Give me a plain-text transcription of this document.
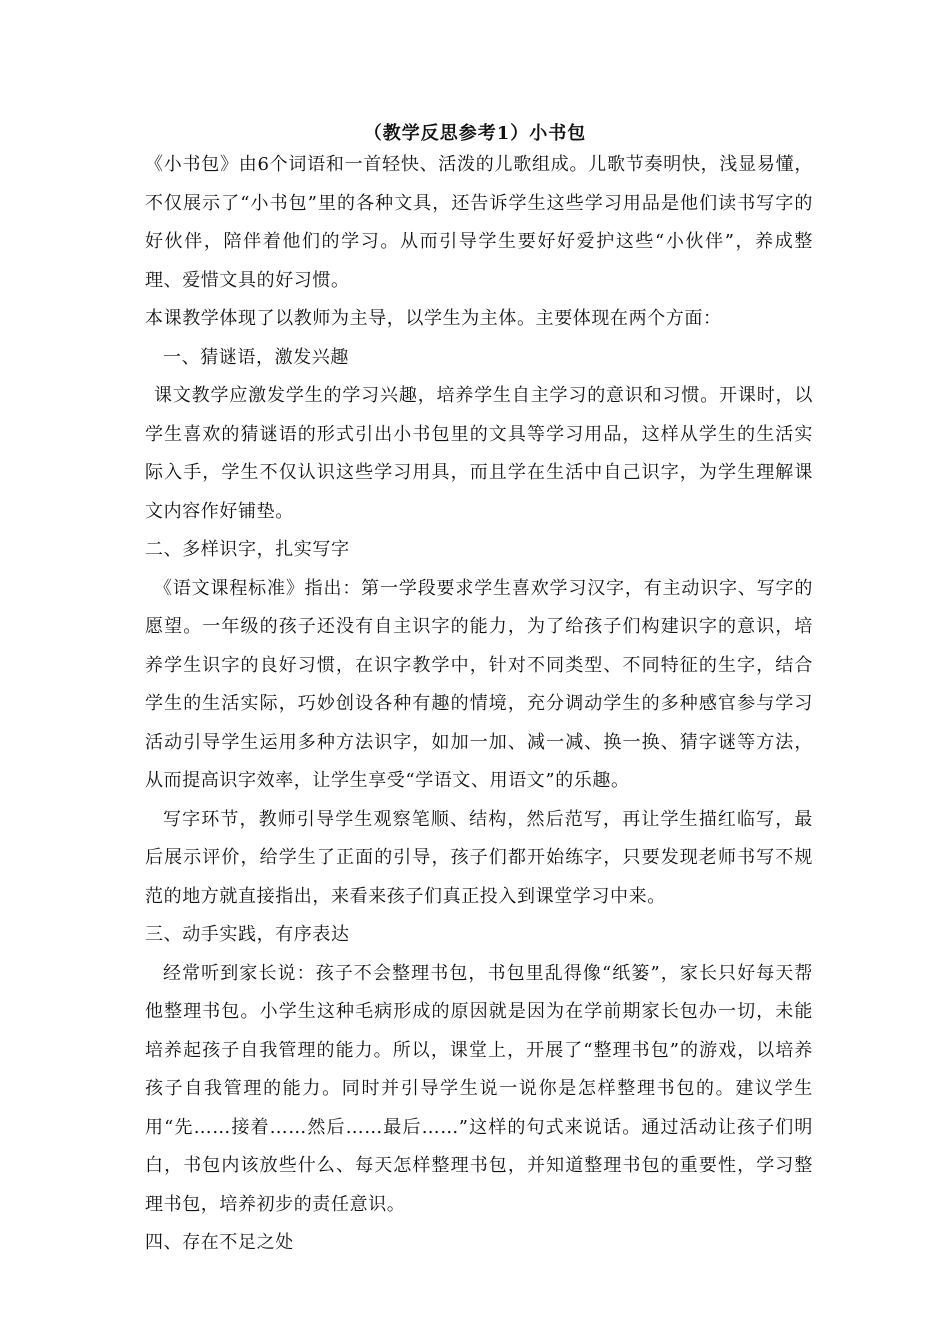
（教学反思参考1）小书包

《小书包》由6个词语和一首轻快、活泼的儿歌组成。儿歌节奏明快，浅显易懂，不仅展示了“小书包”里的各种文具，还告诉学生这些学习用品是他们读书写字的好伙伴，陪伴着他们的学习。从而引导学生要好好爱护这些“小伙伴”，养成整理、爱惜文具的好习惯。

本课教学体现了以教师为主导，以学生为主体。主要体现在两个方面：

一、猜谜语，激发兴趣

课文教学应激发学生的学习兴趣，培养学生自主学习的意识和习惯。开课时，以学生喜欢的猜谜语的形式引出小书包里的文具等学习用品，这样从学生的生活实际入手，学生不仅认识这些学习用具，而且学在生活中自己识字，为学生理解课文内容作好铺垫。

二、多样识字，扎实写字

《语文课程标准》指出：第一学段要求学生喜欢学习汉字，有主动识字、写字的愿望。一年级的孩子还没有自主识字的能力，为了给孩子们构建识字的意识，培养学生识字的良好习惯，在识字教学中，针对不同类型、不同特征的生字，结合学生的生活实际，巧妙创设各种有趣的情境，充分调动学生的多种感官参与学习活动引导学生运用多种方法识字，如加一加、减一减、换一换、猜字谜等方法，从而提高识字效率，让学生享受“学语文、用语文”的乐趣。

写字环节，教师引导学生观察笔顺、结构，然后范写，再让学生描红临写，最后展示评价，给学生了正面的引导，孩子们都开始练字，只要发现老师书写不规范的地方就直接指出，来看来孩子们真正投入到课堂学习中来。

三、动手实践，有序表达

经常听到家长说：孩子不会整理书包，书包里乱得像“纸篓”，家长只好每天帮他整理书包。小学生这种毛病形成的原因就是因为在学前期家长包办一切，未能培养起孩子自我管理的能力。所以，课堂上，开展了“整理书包”的游戏，以培养孩子自我管理的能力。同时并引导学生说一说你是怎样整理书包的。建议学生用“先……接着……然后……最后……”这样的句式来说话。通过活动让孩子们明白，书包内该放些什么、每天怎样整理书包，并知道整理书包的重要性，学习整理书包，培养初步的责任意识。

四、存在不足之处
